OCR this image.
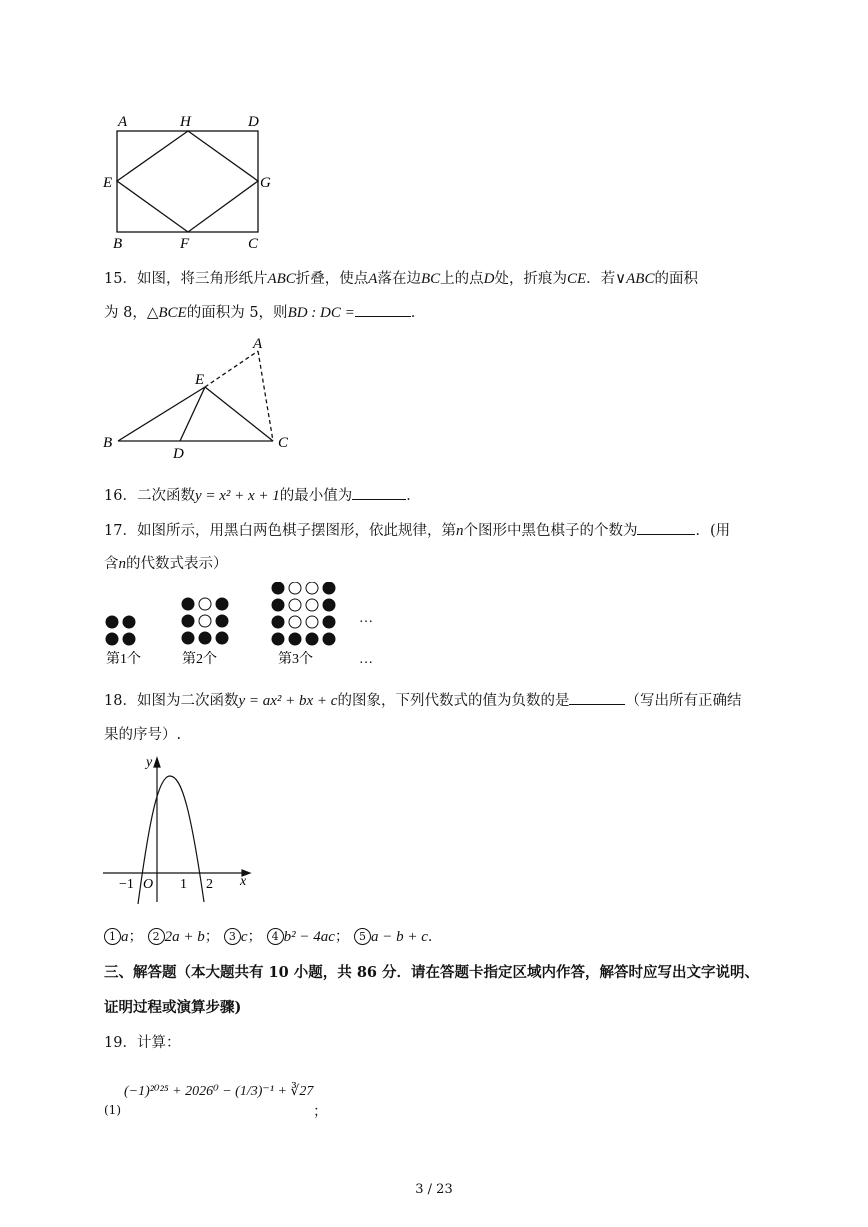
A	H	D
E	G
B	F	C
15．如图，将三角形纸片ABC折叠，使点A落在边BC上的点D处，折痕为CE．若∨ABC的面积
为 8，△BCE的面积为 5，则BD : DC =	．
A
E
B
D
C
16．二次函数y = x² + x + 1的最小值为	．
17．如图所示，用黑白两色棋子摆图形，依此规律，第n个图形中黑色棋子的个数为	．(用
含n的代数式表示）
第1个	第2个	第3个
…
…
18．如图为二次函数y = ax² + bx + c的图象，下列代数式的值为负数的是	（写出所有正确结
果的序号）.
y
x
−1 O 1 2
1 a； 2 2a + b； 3 c； 4 b² − 4ac； 5 a − b + c．
三、解答题（本大题共有 10 小题，共 86 分．请在答题卡指定区域内作答，解答时应写出文字说明、
证明过程或演算步骤)
19．计算：
(1)
(−1)²⁰²⁵ + 2026⁰ − (1/3)⁻¹ + ∛27
；
3 / 23
